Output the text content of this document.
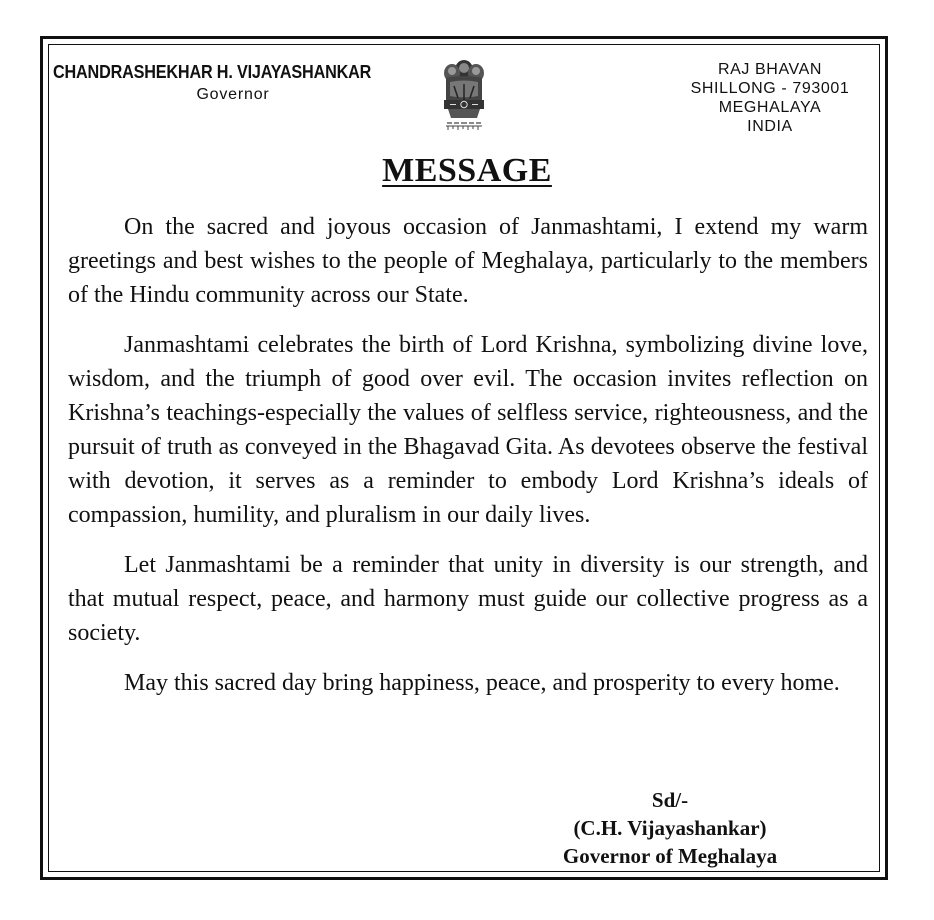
CHANDRASHEKHAR H. VIJAYASHANKAR
Governor
RAJ BHAVAN
SHILLONG - 793001
MEGHALAYA
INDIA
MESSAGE

On the sacred and joyous occasion of Janmashtami, I extend my warm greetings and best wishes to the people of Meghalaya, particularly to the members of the Hindu community across our State.

Janmashtami celebrates the birth of Lord Krishna, symbolizing divine love, wisdom, and the triumph of good over evil. The occasion invites reflection on Krishna’s teachings-especially the values of selfless service, righteousness, and the pursuit of truth as conveyed in the Bhagavad Gita. As devotees observe the festival with devotion, it serves as a reminder to embody Lord Krishna’s ideals of compassion, humility, and pluralism in our daily lives.

Let Janmashtami be a reminder that unity in diversity is our strength, and that mutual respect, peace, and harmony must guide our collective progress as a society.

May this sacred day bring happiness, peace, and prosperity to every home.

Sd/-
(C.H. Vijayashankar)
Governor of Meghalaya
